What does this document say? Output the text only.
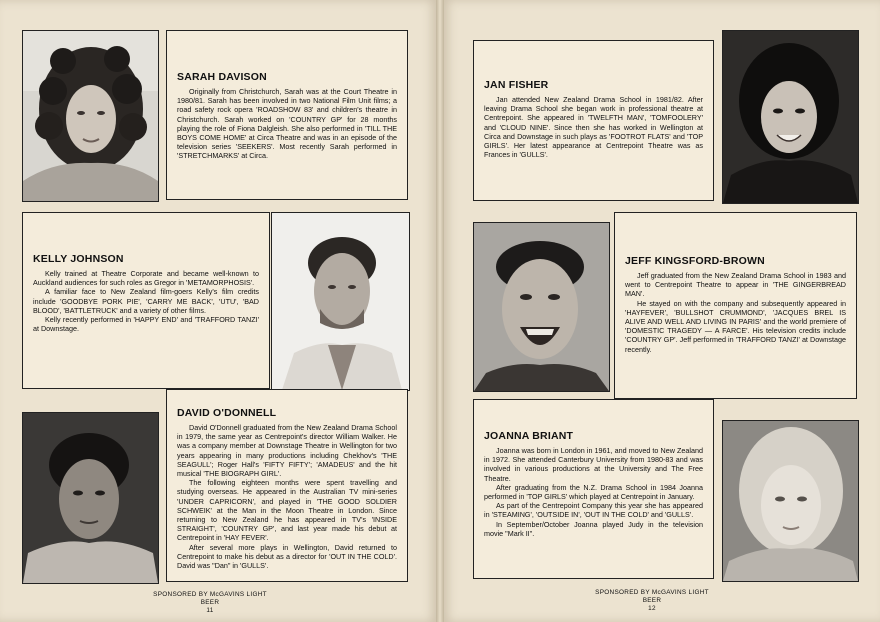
SARAH DAVISON

Originally from Christchurch, Sarah was at the Court Theatre in 1980/81. Sarah has been involved in two National Film Unit films; a road safety rock opera 'ROADSHOW 83' and children's theatre in Christchurch. Sarah worked on 'COUNTRY GP' for 28 months playing the role of Fiona Dalgleish. She also performed in 'TILL THE BOYS COME HOME' at Circa Theatre and was in an episode of the television series 'SEEKERS'. Most recently Sarah performed in 'STRETCHMARKS' at Circa.

KELLY JOHNSON

Kelly trained at Theatre Corporate and became well-known to Auckland audiences for such roles as Gregor in 'METAMORPHOSIS'.

A familiar face to New Zealand film-goers Kelly's film credits include 'GOODBYE PORK PIE', 'CARRY ME BACK', 'UTU', 'BAD BLOOD', 'BATTLETRUCK' and a variety of other films.

Kelly recently performed in 'HAPPY END' and 'TRAFFORD TANZI' at Downstage.

DAVID O'DONNELL

David O'Donnell graduated from the New Zealand Drama School in 1979, the same year as Centrepoint's director William Walker. He was a company member at Downstage Theatre in Wellington for two years appearing in many productions including Chekhov's 'THE SEAGULL'; Roger Hall's 'FIFTY FIFTY'; 'AMADEUS' and the hit musical 'THE BIOGRAPH GIRL'.

The following eighteen months were spent travelling and studying overseas. He appeared in the Australian TV mini-series 'UNDER CAPRICORN', and played in 'THE GOOD SOLDIER SCHWEIK' at the Man in the Moon Theatre in London. Since returning to New Zealand he has appeared in TV's 'INSIDE STRAIGHT', 'COUNTRY GP', and last year made his debut at Centrepoint in 'HAY FEVER'.

After several more plays in Wellington, David returned to Centrepoint to make his debut as a director for 'OUT IN THE COLD'. David was "Dan" in 'GULLS'.

SPONSORED BY McGAVINS LIGHT BEER
11
JAN FISHER

Jan attended New Zealand Drama School in 1981/82. After leaving Drama School she began work in professional theatre at Centrepoint. She appeared in 'TWELFTH MAN', 'TOMFOOLERY' and 'CLOUD NINE'. Since then she has worked in Wellington at Circa and Downstage in such plays as 'FOOTROT FLATS' and 'TOP GIRLS'. Her latest appearance at Centrepoint Theatre was as Frances in 'GULLS'.

JEFF KINGSFORD-BROWN

Jeff graduated from the New Zealand Drama School in 1983 and went to Centrepoint Theatre to appear in 'THE GINGERBREAD MAN'.

He stayed on with the company and subsequently appeared in 'HAYFEVER', 'BULLSHOT CRUMMOND', 'JACQUES BREL IS ALIVE AND WELL AND LIVING IN PARIS' and the world premiere of 'DOMESTIC TRAGEDY — A FARCE'. His television credits include 'COUNTRY GP'. Jeff performed in 'TRAFFORD TANZI' at Downstage recently.

JOANNA BRIANT

Joanna was born in London in 1961, and moved to New Zealand in 1972. She attended Canterbury University from 1980-83 and was involved in various productions at the University and The Free Theatre.

After graduating from the N.Z. Drama School in 1984 Joanna performed in 'TOP GIRLS' which played at Centrepoint in January.

As part of the Centrepoint Company this year she has appeared in 'STEAMING', 'OUTSIDE IN', 'OUT IN THE COLD' and 'GULLS'.

In September/October Joanna played Judy in the television movie "Mark II".

SPONSORED BY McGAVINS LIGHT BEER
12
